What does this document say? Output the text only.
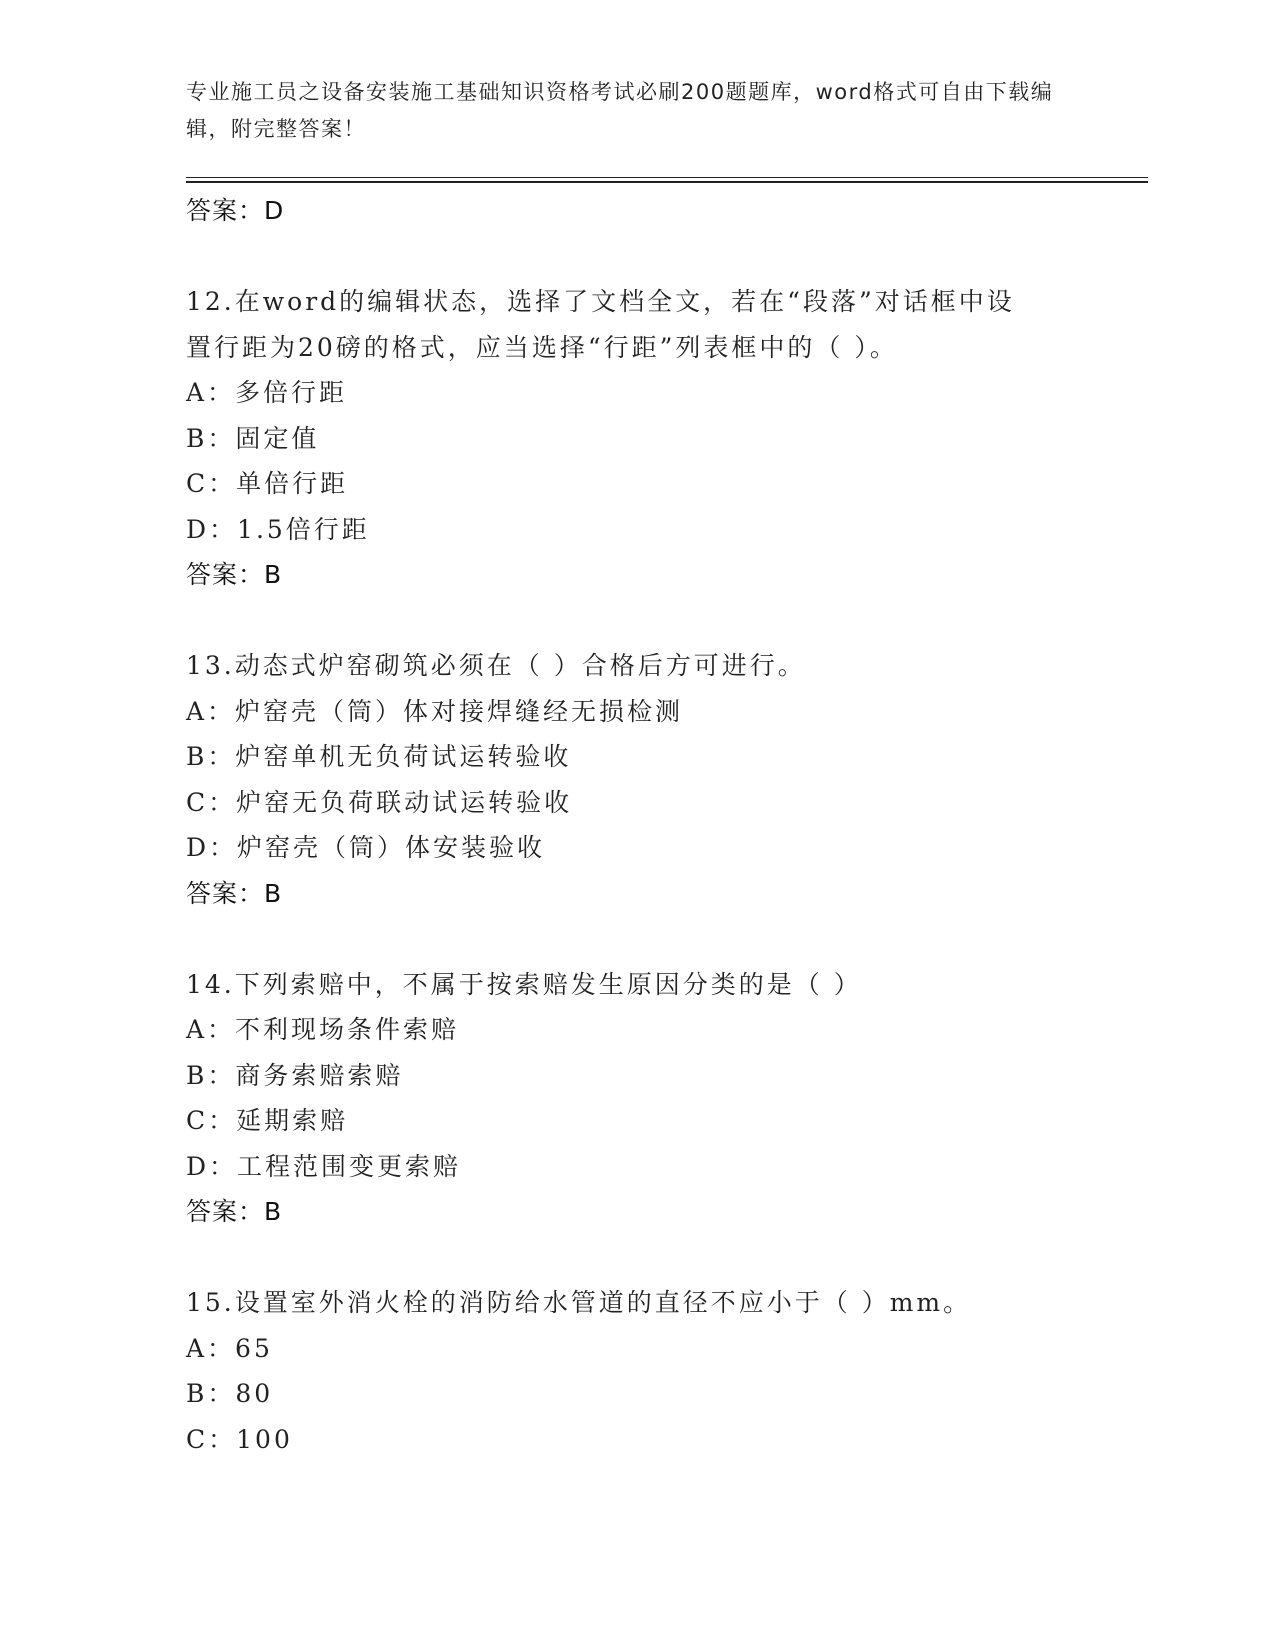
专业施工员之设备安装施工基础知识资格考试必刷200题题库，word格式可自由下载编辑，附完整答案！
答案：D
12.在word的编辑状态，选择了文档全文，若在“段落”对话框中设
置行距为20磅的格式，应当选择“行距”列表框中的（ ）。
A：多倍行距
B：固定值
C：单倍行距
D：1.5倍行距
答案：B
13.动态式炉窑砌筑必须在（ ）合格后方可进行。
A：炉窑壳（筒）体对接焊缝经无损检测
B：炉窑单机无负荷试运转验收
C：炉窑无负荷联动试运转验收
D：炉窑壳（筒）体安装验收
答案：B
14.下列索赔中，不属于按索赔发生原因分类的是（ ）
A：不利现场条件索赔
B：商务索赔索赔
C：延期索赔
D：工程范围变更索赔
答案：B
15.设置室外消火栓的消防给水管道的直径不应小于（ ）mm。
A：65
B：80
C：100
